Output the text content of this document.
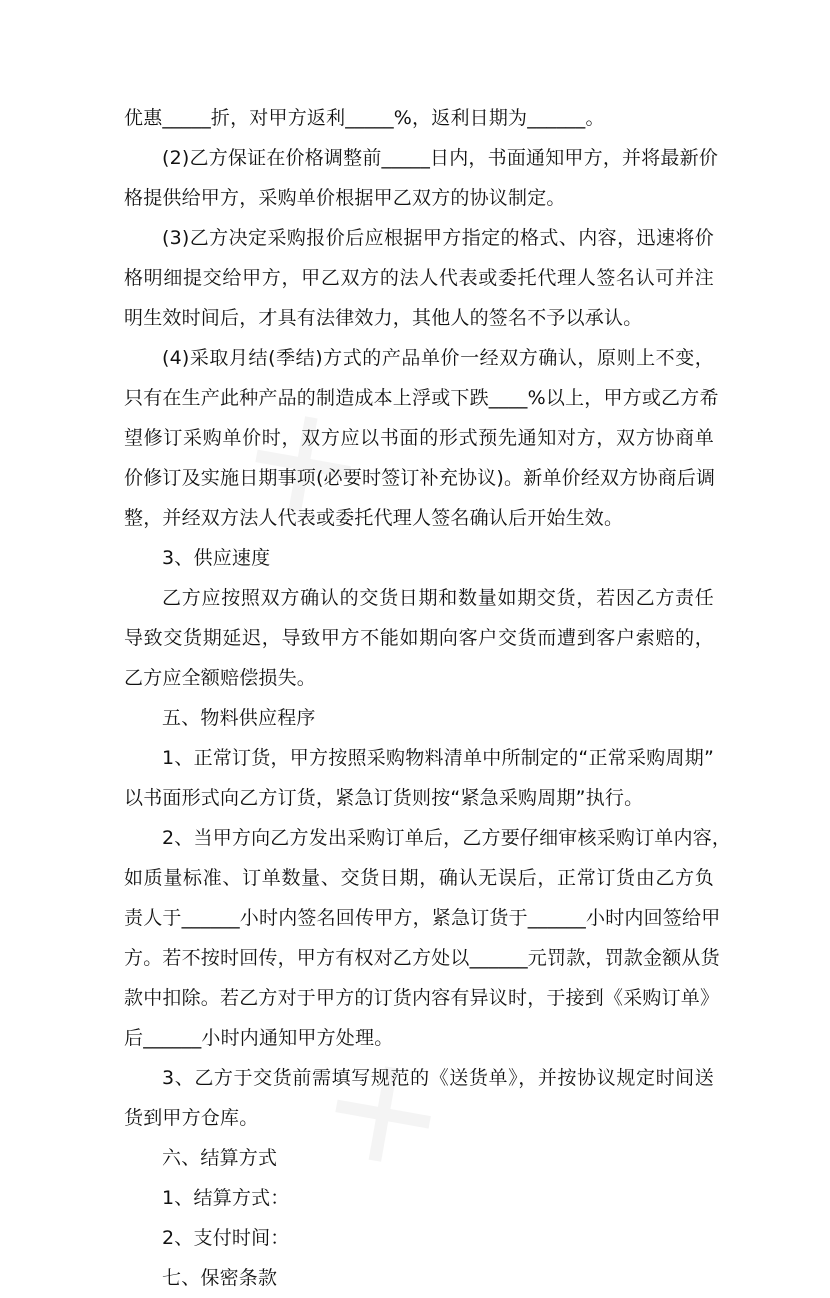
优惠_____折，对甲方返利_____%，返利日期为______。
(2)乙方保证在价格调整前_____日内，书面通知甲方，并将最新价
格提供给甲方，采购单价根据甲乙双方的协议制定。
(3)乙方决定采购报价后应根据甲方指定的格式、内容，迅速将价
格明细提交给甲方，甲乙双方的法人代表或委托代理人签名认可并注
明生效时间后，才具有法律效力，其他人的签名不予以承认。
(4)采取月结(季结)方式的产品单价一经双方确认，原则上不变，
只有在生产此种产品的制造成本上浮或下跌____%以上，甲方或乙方希
望修订采购单价时，双方应以书面的形式预先通知对方，双方协商单
价修订及实施日期事项(必要时签订补充协议)。新单价经双方协商后调
整，并经双方法人代表或委托代理人签名确认后开始生效。
3、供应速度
乙方应按照双方确认的交货日期和数量如期交货，若因乙方责任
导致交货期延迟，导致甲方不能如期向客户交货而遭到客户索赔的，
乙方应全额赔偿损失。
五、物料供应程序
1、正常订货，甲方按照采购物料清单中所制定的“正常采购周期”
以书面形式向乙方订货，紧急订货则按“紧急采购周期”执行。
2、当甲方向乙方发出采购订单后，乙方要仔细审核采购订单内容，
如质量标准、订单数量、交货日期，确认无误后，正常订货由乙方负
责人于______小时内签名回传甲方，紧急订货于______小时内回签给甲
方。若不按时回传，甲方有权对乙方处以______元罚款，罚款金额从货
款中扣除。若乙方对于甲方的订货内容有异议时，于接到《采购订单》
后______小时内通知甲方处理。
3、乙方于交货前需填写规范的《送货单》，并按协议规定时间送
货到甲方仓库。
六、结算方式
1、结算方式：
2、支付时间：
七、保密条款
